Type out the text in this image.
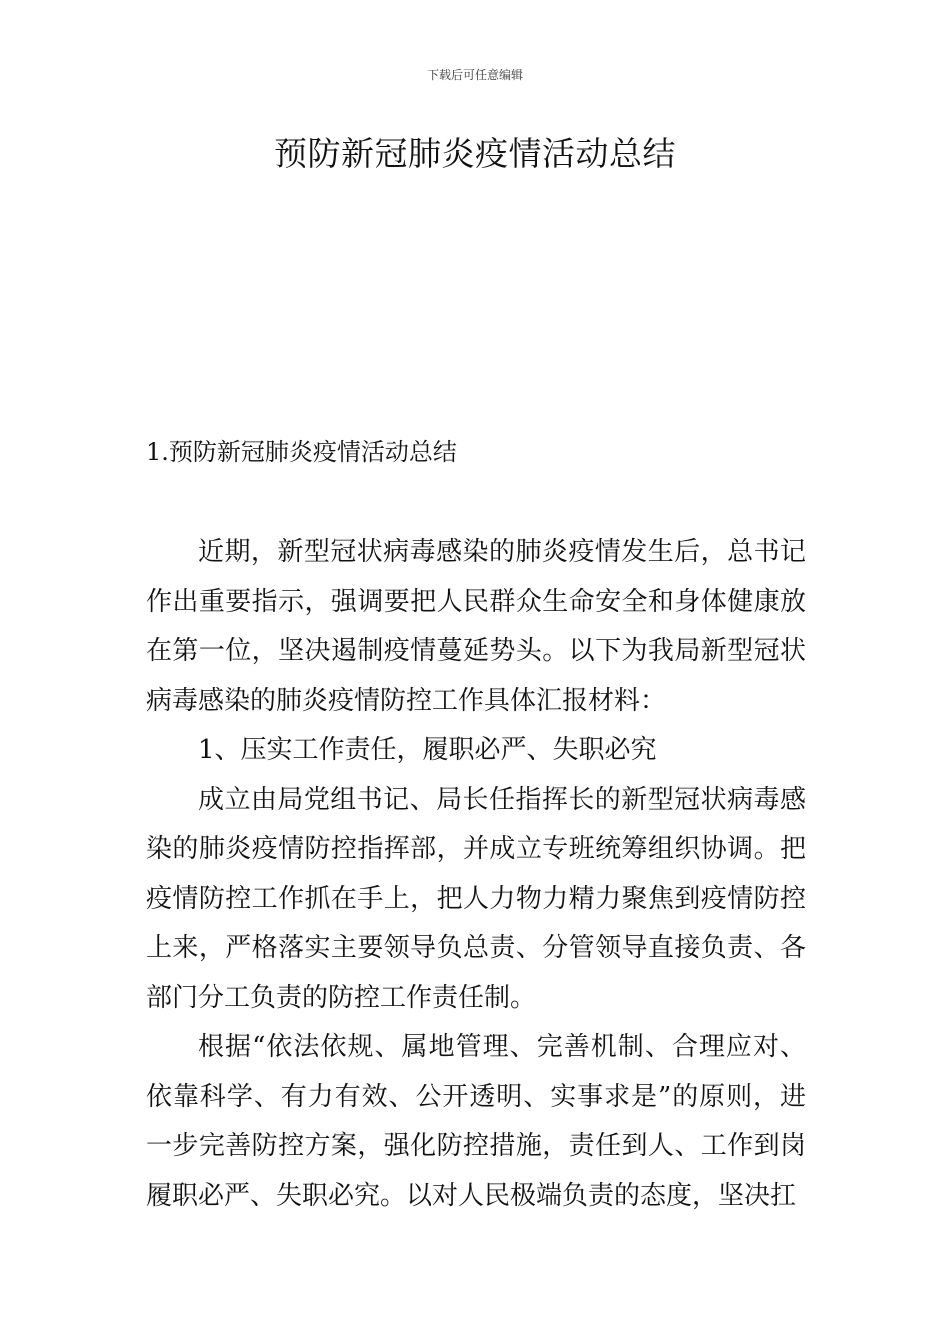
下载后可任意编辑
预防新冠肺炎疫情活动总结
1.预防新冠肺炎疫情活动总结

近期，新型冠状病毒感染的肺炎疫情发生后，总书记作出重要指示，强调要把人民群众生命安全和身体健康放在第一位，坚决遏制疫情蔓延势头。以下为我局新型冠状病毒感染的肺炎疫情防控工作具体汇报材料：

1、压实工作责任，履职必严、失职必究

成立由局党组书记、局长任指挥长的新型冠状病毒感染的肺炎疫情防控指挥部，并成立专班统筹组织协调。把疫情防控工作抓在手上，把人力物力精力聚焦到疫情防控上来，严格落实主要领导负总责、分管领导直接负责、各部门分工负责的防控工作责任制。

根据“依法依规、属地管理、完善机制、合理应对、依靠科学、有力有效、公开透明、实事求是”的原则，进一步完善防控方案，强化防控措施，责任到人、工作到岗履职必严、失职必究。以对人民极端负责的态度，坚决扛
